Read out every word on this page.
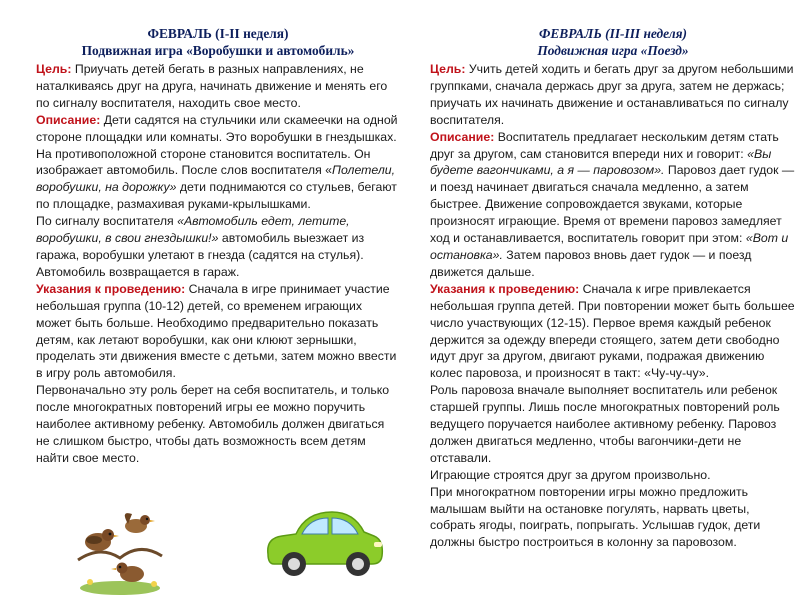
ФЕВРАЛЬ (I-II неделя)
Подвижная игра «Воробушки и автомобиль»

Цель: Приучать детей бегать в разных направлениях, не наталкиваясь друг на друга, начинать движение и менять его по сигналу воспитателя, находить свое место.

Описание: Дети садятся на стульчики или скамеечки на одной стороне площадки или комнаты. Это воробушки в гнездышках. На противоположной стороне становится воспитатель. Он изображает автомобиль. После слов воспитателя «Полетели, воробушки, на дорожку» дети поднимаются со стульев, бегают по площадке, размахивая руками-крылышками.

По сигналу воспитателя «Автомобиль едет, летите, воробушки, в свои гнездышки!» автомобиль выезжает из гаража, воробушки улетают в гнезда (садятся на стулья). Автомобиль возвращается в гараж.

Указания к проведению: Сначала в игре принимает участие небольшая группа (10-12) детей, со временем играющих может быть больше. Необходимо предварительно показать детям, как летают воробушки, как они клюют зернышки, проделать эти движения вместе с детьми, затем можно ввести в игру роль автомобиля.

Первоначально эту роль берет на себя воспитатель, и только после многократных повторений игры ее можно поручить наиболее активному ребенку. Автомобиль должен двигаться не слишком быстро, чтобы дать возможность всем детям найти свое место.

ФЕВРАЛЬ (II-III неделя)
Подвижная игра «Поезд»

Цель: Учить детей ходить и бегать друг за другом небольшими группками, сначала держась друг за друга, затем не держась; приучать их начинать движение и останавливаться по сигналу воспитателя.

Описание: Воспитатель предлагает нескольким детям стать друг за другом, сам становится впереди них и говорит: «Вы будете вагончиками, а я — паровозом». Паровоз дает гудок — и поезд начинает двигаться сначала медленно, а затем быстрее. Движение сопровождается звуками, которые произносят играющие. Время от времени паровоз замедляет ход и останавливается, воспитатель говорит при этом: «Вот и остановка». Затем паровоз вновь дает гудок — и поезд движется дальше.

Указания к проведению: Сначала к игре привлекается небольшая группа детей. При повторении может быть большее число участвующих (12-15). Первое время каждый ребенок держится за одежду впереди стоящего, затем дети свободно идут друг за другом, двигают руками, подражая движению колес паровоза, и произносят в такт: «Чу-чу-чу».

Роль паровоза вначале выполняет воспитатель или ребенок старшей группы. Лишь после многократных повторений роль ведущего поручается наиболее активному ребенку. Паровоз должен двигаться медленно, чтобы вагончики-дети не отставали.

Играющие строятся друг за другом произвольно.

При многократном повторении игры можно предложить малышам выйти на остановке погулять, нарвать цветы, собрать ягоды, поиграть, попрыгать. Услышав гудок, дети должны быстро построиться в колонну за паровозом.
